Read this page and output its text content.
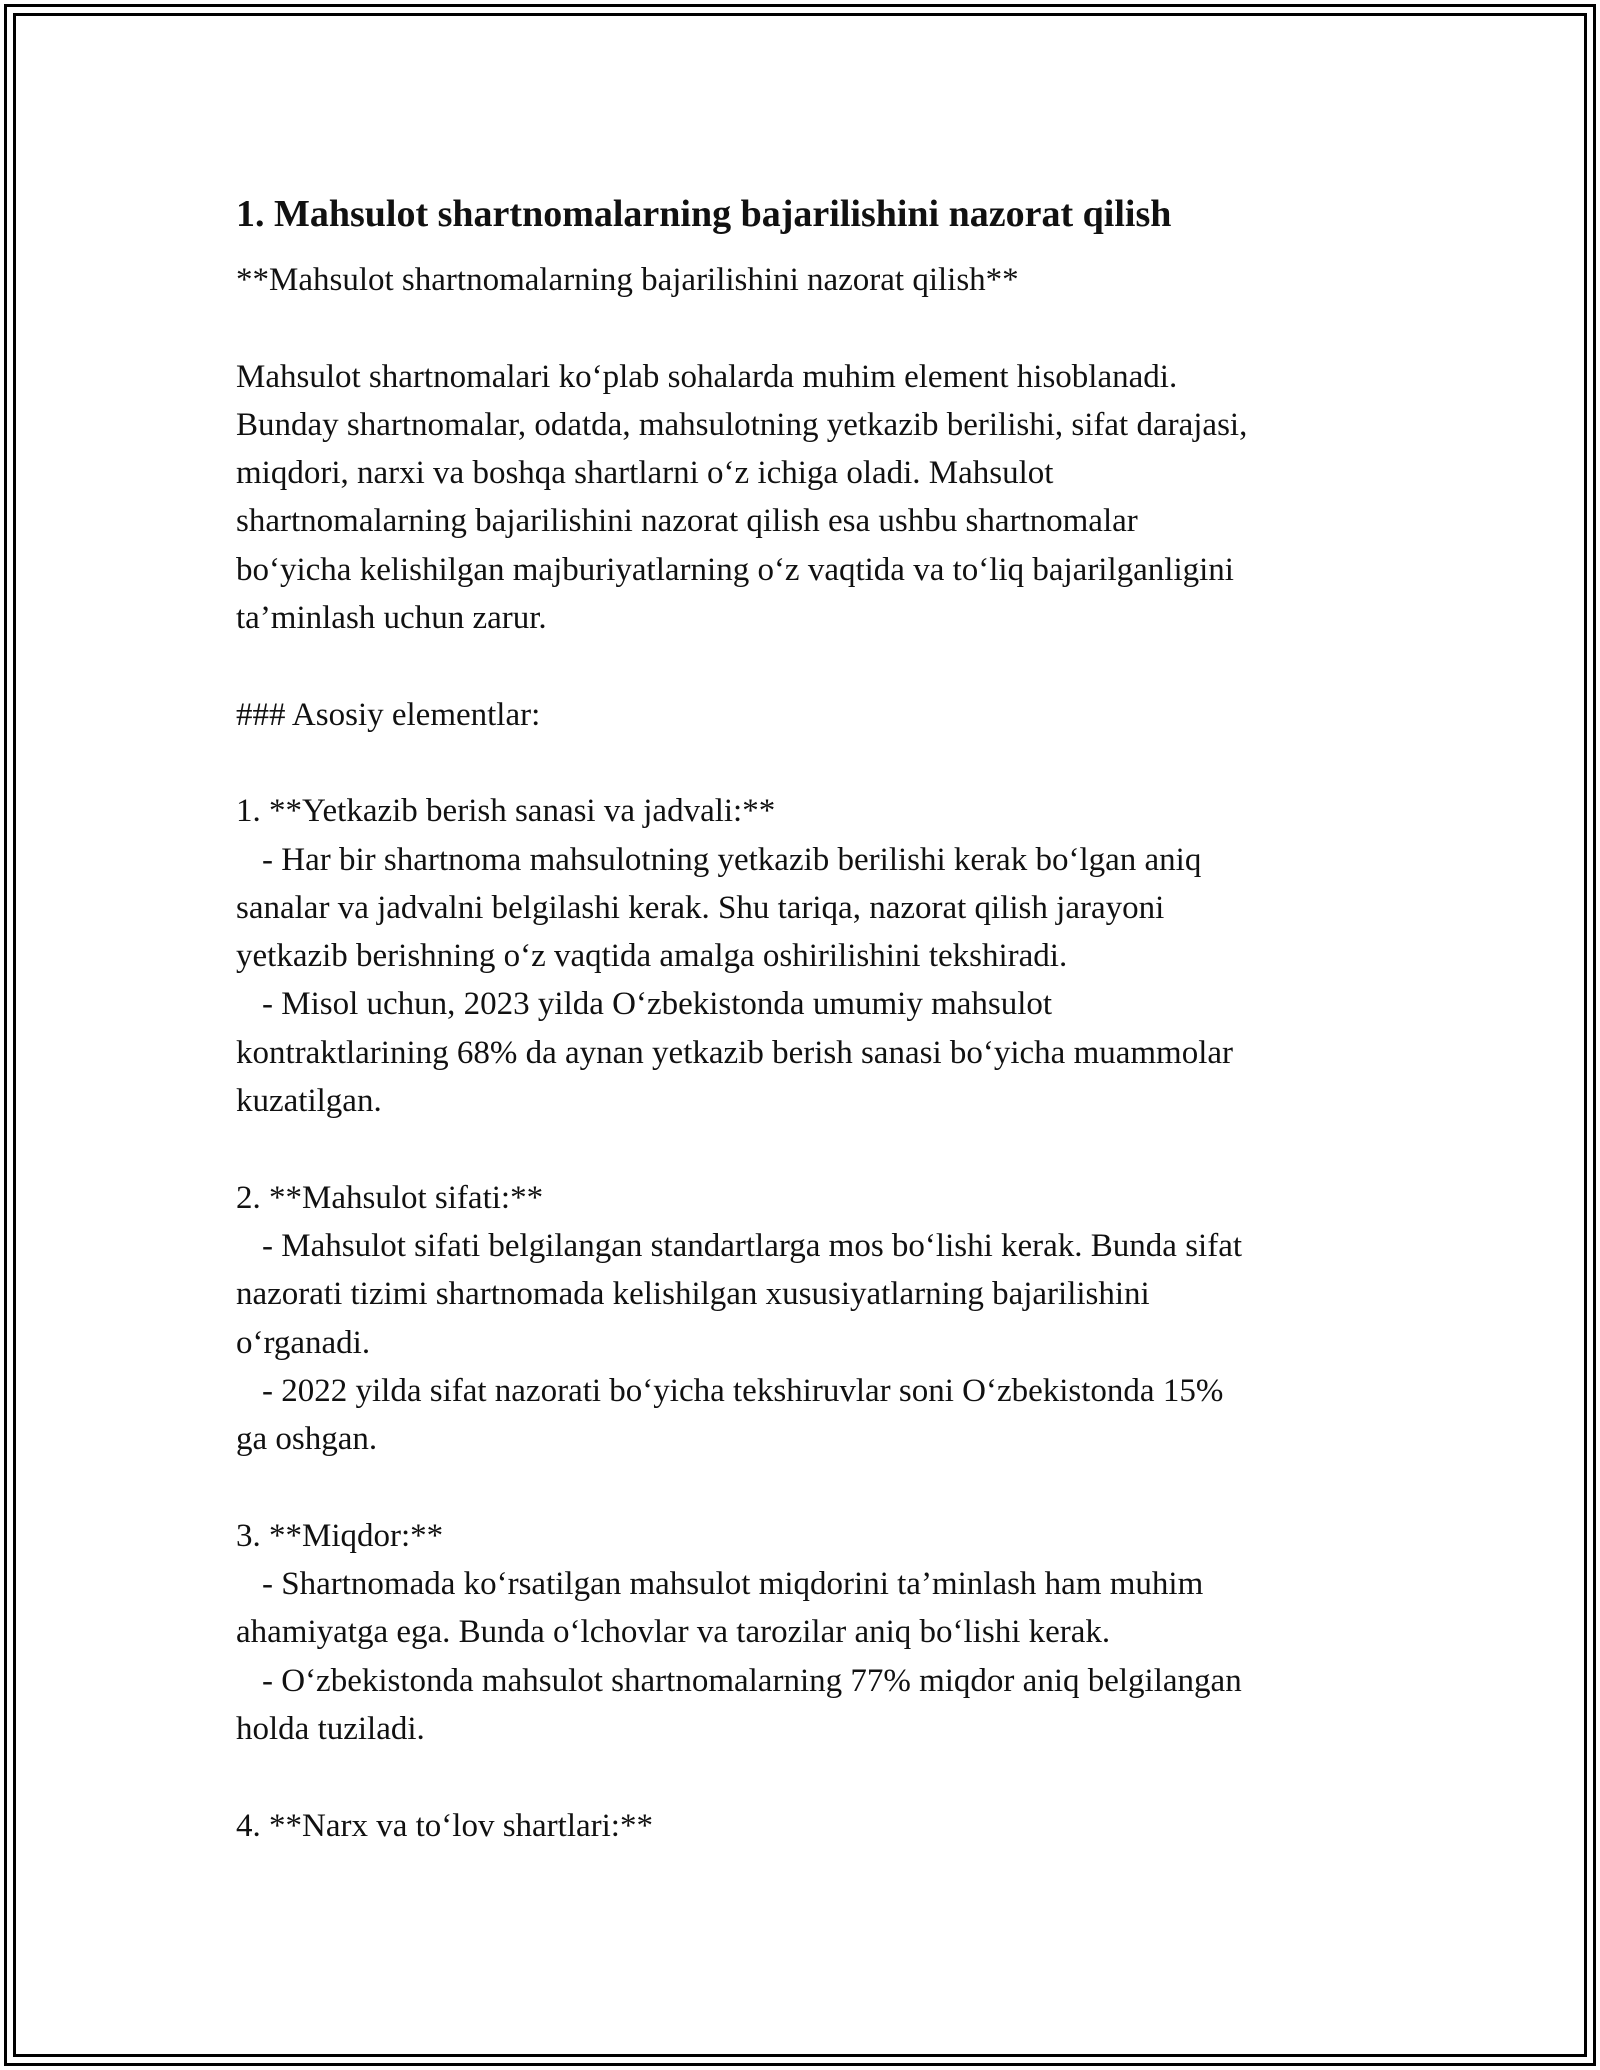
1. Mahsulot shartnomalarning bajarilishini nazorat qilish

**Mahsulot shartnomalarning bajarilishini nazorat qilish**

Mahsulot shartnomalari ko‘plab sohalarda muhim element hisoblanadi.

Bunday shartnomalar, odatda, mahsulotning yetkazib berilishi, sifat darajasi,

miqdori, narxi va boshqa shartlarni o‘z ichiga oladi. Mahsulot

shartnomalarning bajarilishini nazorat qilish esa ushbu shartnomalar

bo‘yicha kelishilgan majburiyatlarning o‘z vaqtida va to‘liq bajarilganligini

ta’minlash uchun zarur.

### Asosiy elementlar:

1. **Yetkazib berish sanasi va jadvali:**

- Har bir shartnoma mahsulotning yetkazib berilishi kerak bo‘lgan aniq

sanalar va jadvalni belgilashi kerak. Shu tariqa, nazorat qilish jarayoni

yetkazib berishning o‘z vaqtida amalga oshirilishini tekshiradi.

- Misol uchun, 2023 yilda O‘zbekistonda umumiy mahsulot

kontraktlarining 68% da aynan yetkazib berish sanasi bo‘yicha muammolar

kuzatilgan.

2. **Mahsulot sifati:**

- Mahsulot sifati belgilangan standartlarga mos bo‘lishi kerak. Bunda sifat

nazorati tizimi shartnomada kelishilgan xususiyatlarning bajarilishini

o‘rganadi.

- 2022 yilda sifat nazorati bo‘yicha tekshiruvlar soni O‘zbekistonda 15%

ga oshgan.

3. **Miqdor:**

- Shartnomada ko‘rsatilgan mahsulot miqdorini ta’minlash ham muhim

ahamiyatga ega. Bunda o‘lchovlar va tarozilar aniq bo‘lishi kerak.

- O‘zbekistonda mahsulot shartnomalarning 77% miqdor aniq belgilangan

holda tuziladi.

4. **Narx va to‘lov shartlari:**
